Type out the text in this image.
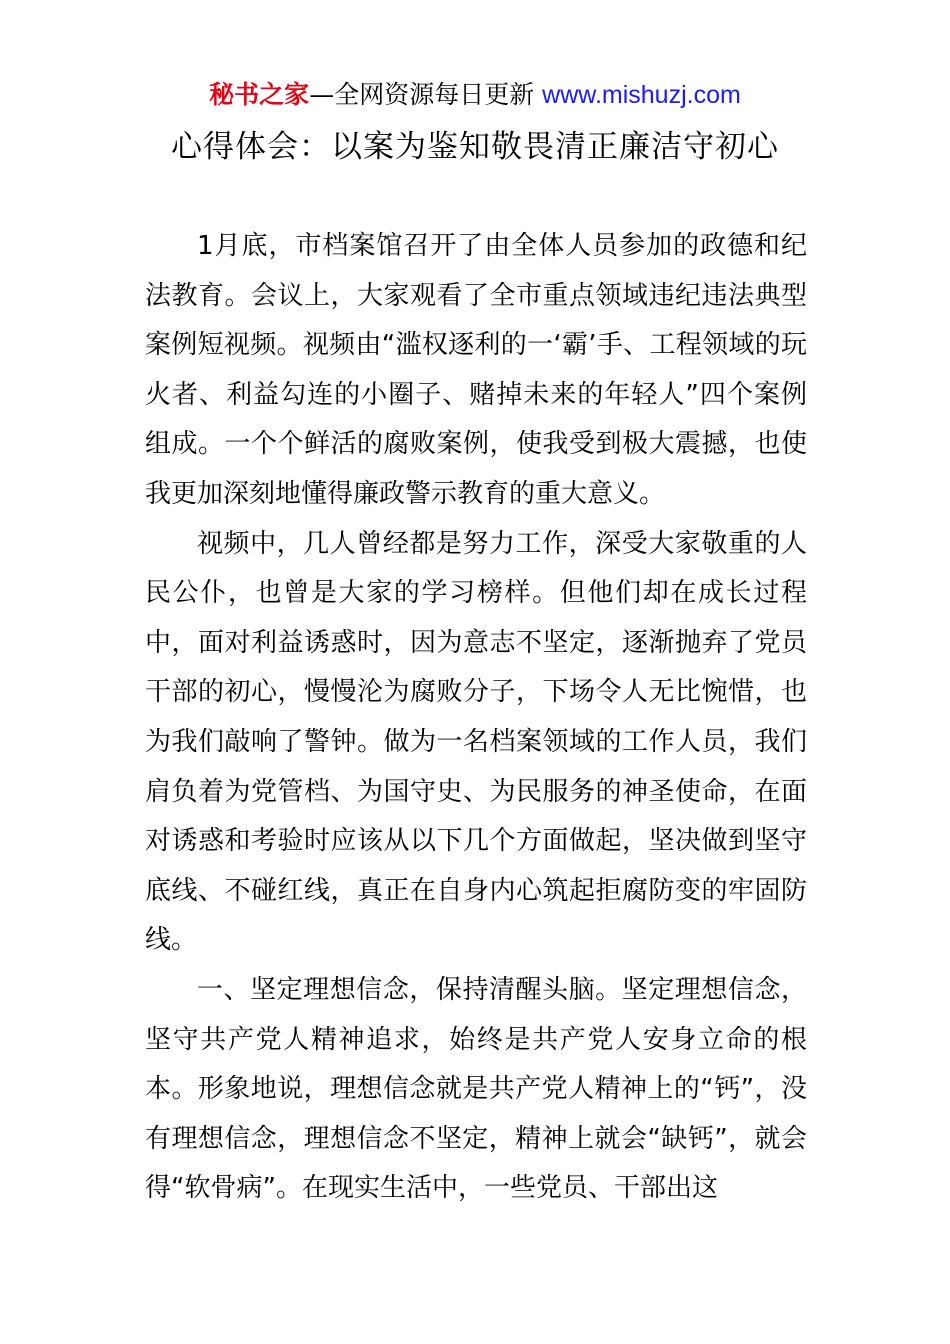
秘书之家—全网资源每日更新 www.mishuzj.com
心得体会：以案为鉴知敬畏清正廉洁守初心

1月底，市档案馆召开了由全体人员参加的政德和纪法教育。会议上，大家观看了全市重点领域违纪违法典型案例短视频。视频由“滥权逐利的一‘霸’手、工程领域的玩火者、利益勾连的小圈子、赌掉未来的年轻人”四个案例组成。一个个鲜活的腐败案例，使我受到极大震撼，也使我更加深刻地懂得廉政警示教育的重大意义。

视频中，几人曾经都是努力工作，深受大家敬重的人民公仆，也曾是大家的学习榜样。但他们却在成长过程中，面对利益诱惑时，因为意志不坚定，逐渐抛弃了党员干部的初心，慢慢沦为腐败分子，下场令人无比惋惜，也为我们敲响了警钟。做为一名档案领域的工作人员，我们肩负着为党管档、为国守史、为民服务的神圣使命，在面对诱惑和考验时应该从以下几个方面做起，坚决做到坚守底线、不碰红线，真正在自身内心筑起拒腐防变的牢固防线。

一、坚定理想信念，保持清醒头脑。坚定理想信念，坚守共产党人精神追求，始终是共产党人安身立命的根本。形象地说，理想信念就是共产党人精神上的“钙”，没有理想信念，理想信念不坚定，精神上就会“缺钙”，就会得“软骨病”。在现实生活中，一些党员、干部出这
